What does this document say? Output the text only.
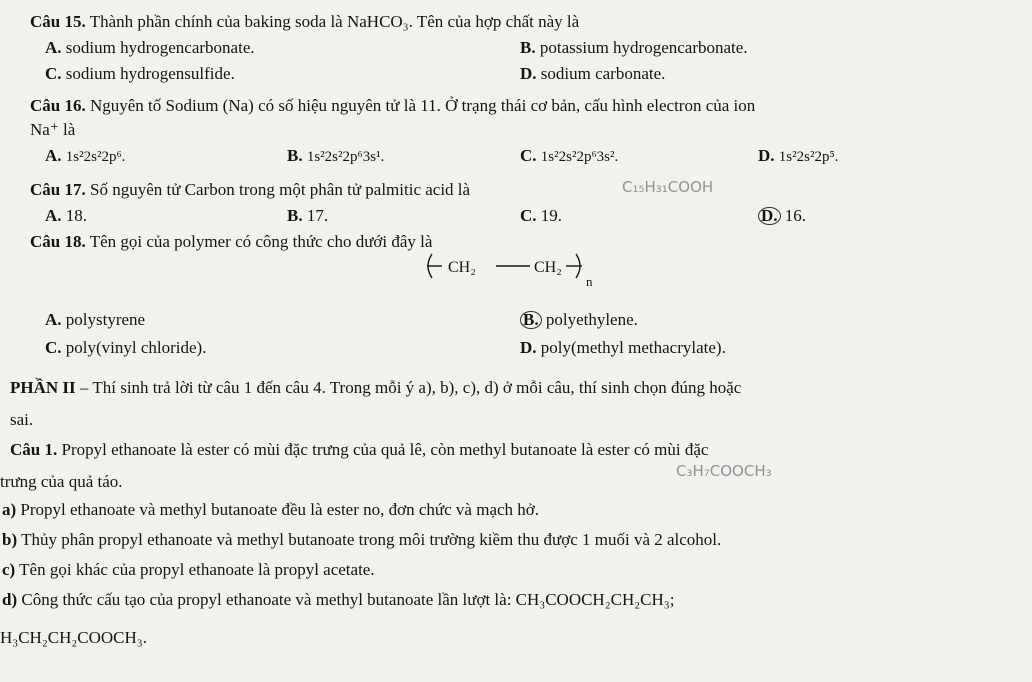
Câu 15. Thành phần chính của baking soda là NaHCO₃. Tên của hợp chất này là
A. sodium hydrogencarbonate.	B. potassium hydrogencarbonate.
C. sodium hydrogensulfide.	D. sodium carbonate.
Câu 16. Nguyên tố Sodium (Na) có số hiệu nguyên tử là 11. Ở trạng thái cơ bản, cấu hình electron của ion
Na⁺ là
A. 1s²2s²2p⁶.	B. 1s²2s²2p⁶3s¹.	C. 1s²2s²2p⁶3s².	D. 1s²2s²2p⁵.
Câu 17. Số nguyên tử Carbon trong một phân tử palmitic acid là	C₁₅H₃₁COOH
A. 18.	B. 17.	C. 19.	D. 16.
Câu 18. Tên gọi của polymer có công thức cho dưới đây là
CH₂	CH₂
n
A. polystyrene	B. polyethylene.
C. poly(vinyl chloride).	D. poly(methyl methacrylate).
PHẦN II – Thí sinh trả lời từ câu 1 đến câu 4. Trong mỗi ý a), b), c), d) ở mỗi câu, thí sinh chọn đúng hoặc
sai.
Câu 1. Propyl ethanoate là ester có mùi đặc trưng của quả lê, còn methyl butanoate là ester có mùi đặc
C₃H₇COOCH₃
trưng của quả táo.
a) Propyl ethanoate và methyl butanoate đều là ester no, đơn chức và mạch hở.
b) Thủy phân propyl ethanoate và methyl butanoate trong môi trường kiềm thu được 1 muối và 2 alcohol.
c) Tên gọi khác của propyl ethanoate là propyl acetate.
d) Công thức cấu tạo của propyl ethanoate và methyl butanoate lần lượt là: CH₃COOCH₂CH₂CH₃;
H₃CH₂CH₂COOCH₃.
